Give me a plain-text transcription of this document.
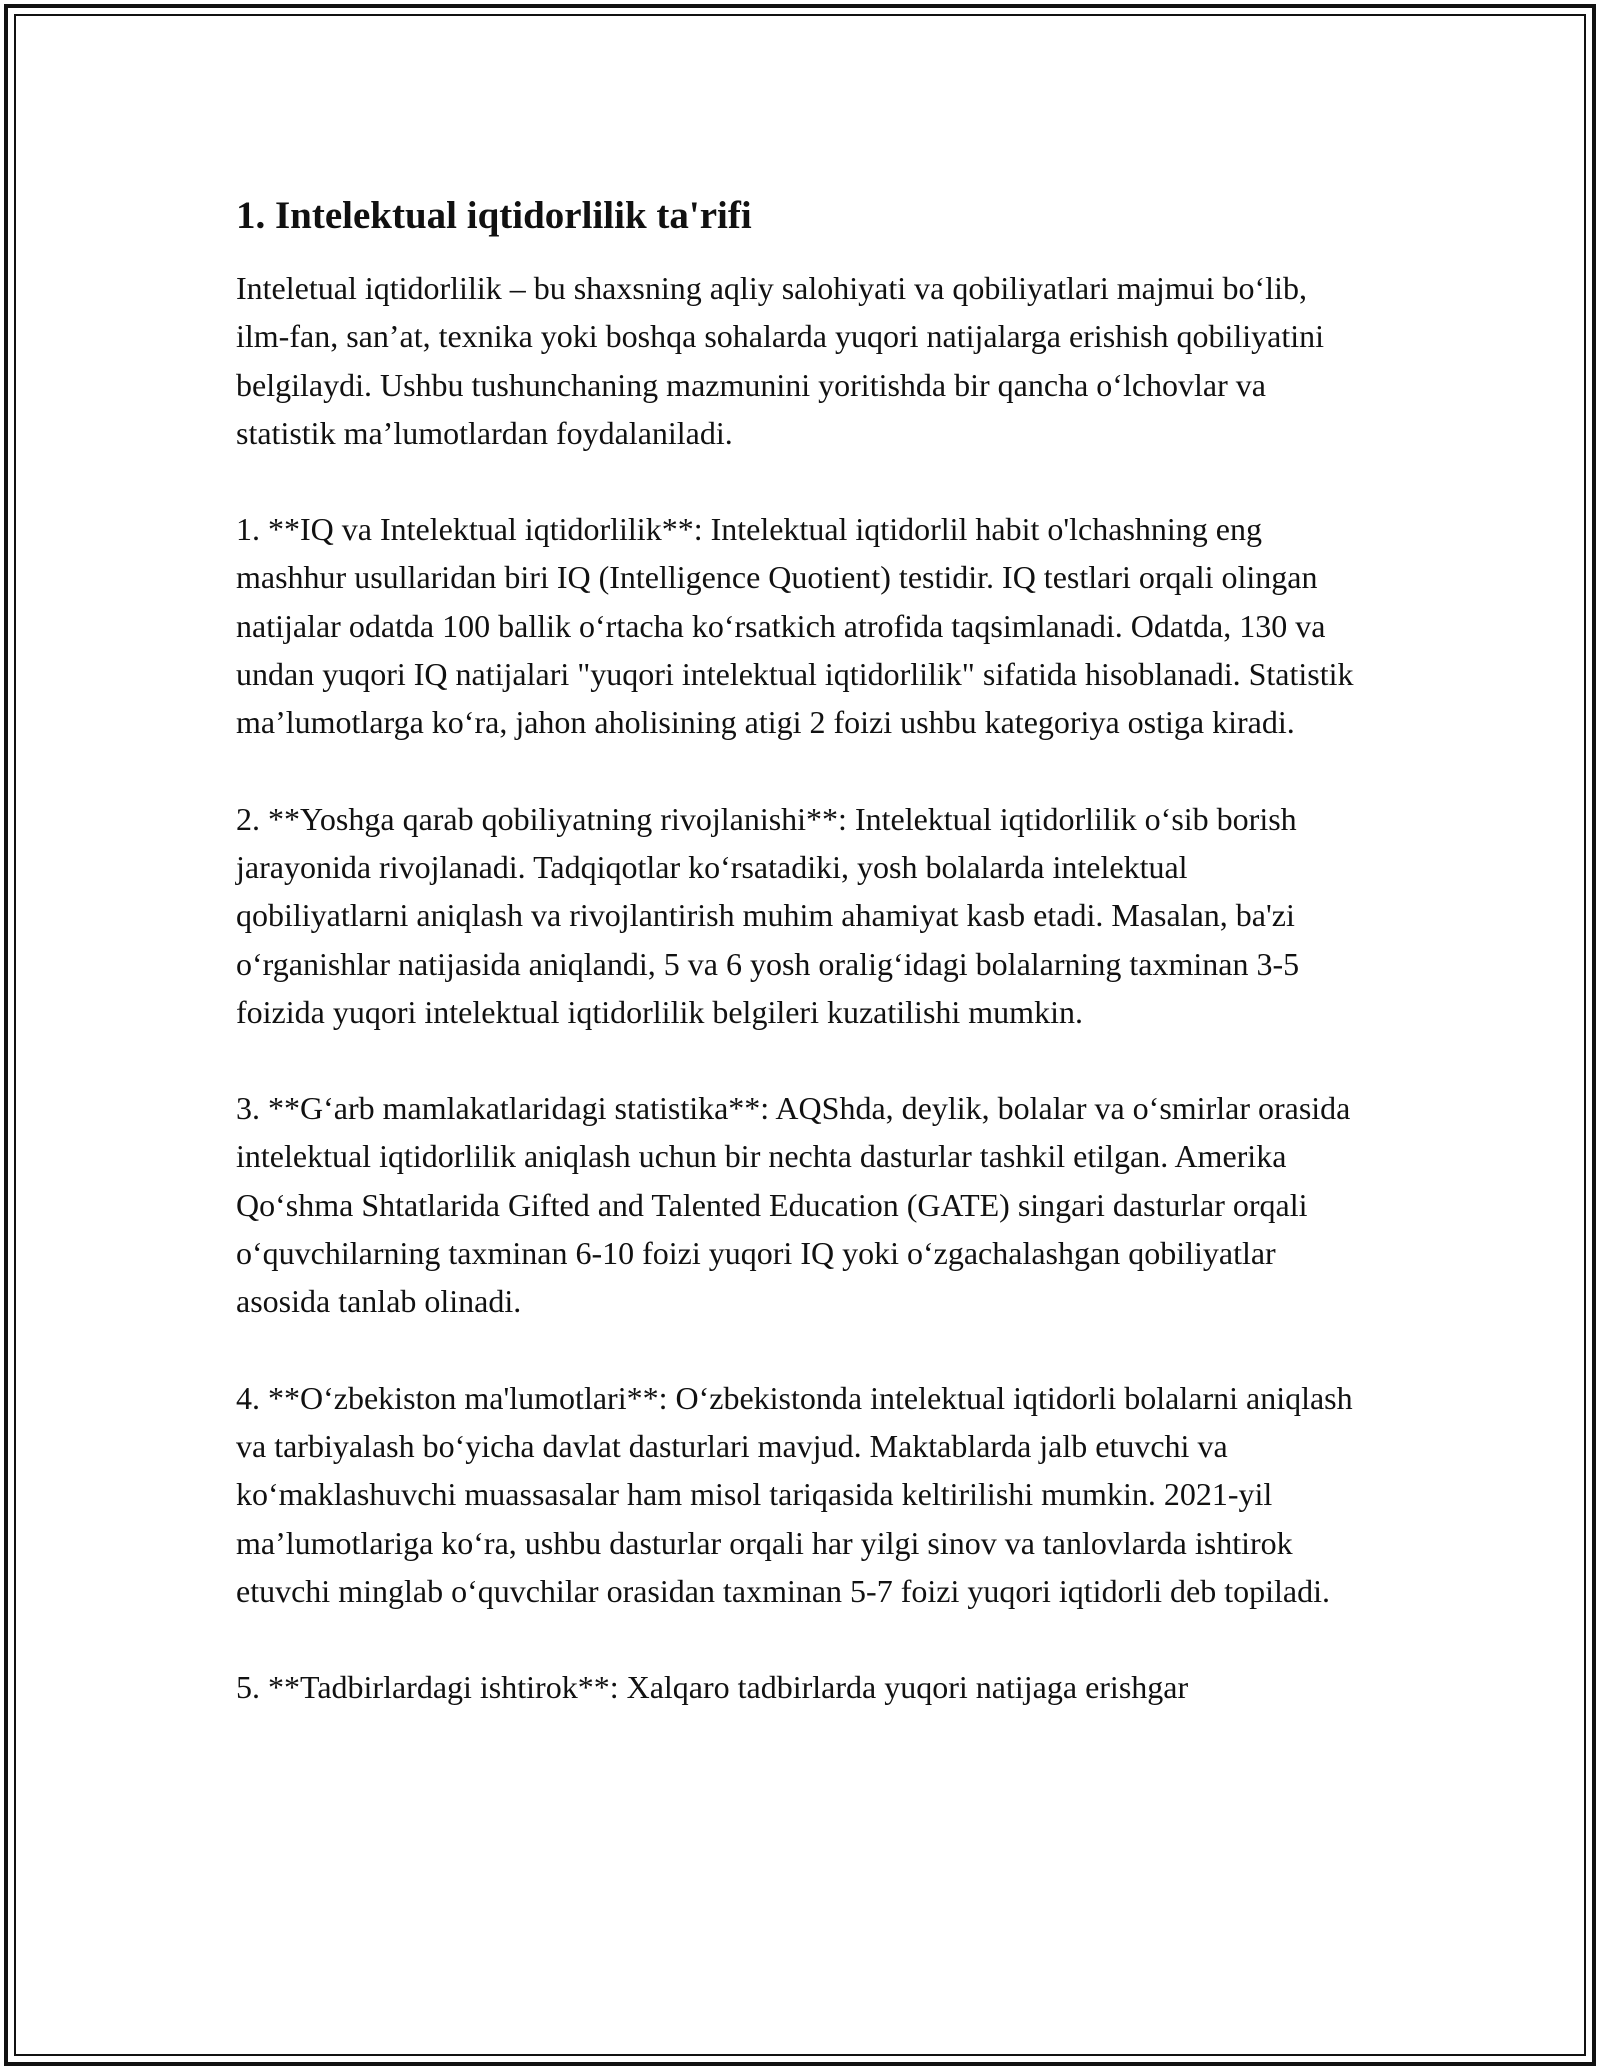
1. Intelektual iqtidorlilik ta'rifi

Inteletual iqtidorlilik – bu shaxsning aqliy salohiyati va qobiliyatlari majmui bo‘lib, ilm-fan, san’at, texnika yoki boshqa sohalarda yuqori natijalarga erishish qobiliyatini belgilaydi. Ushbu tushunchaning mazmunini yoritishda bir qancha o‘lchovlar va statistik ma’lumotlardan foydalaniladi.

1. **IQ va Intelektual iqtidorlilik**: Intelektual iqtidorlil habit o'lchashning eng mashhur usullaridan biri IQ (Intelligence Quotient) testidir. IQ testlari orqali olingan natijalar odatda 100 ballik o‘rtacha ko‘rsatkich atrofida taqsimlanadi. Odatda, 130 va undan yuqori IQ natijalari "yuqori intelektual iqtidorlilik" sifatida hisoblanadi. Statistik ma’lumotlarga ko‘ra, jahon aholisining atigi 2 foizi ushbu kategoriya ostiga kiradi.

2. **Yoshga qarab qobiliyatning rivojlanishi**: Intelektual iqtidorlilik o‘sib borish jarayonida rivojlanadi. Tadqiqotlar ko‘rsatadiki, yosh bolalarda intelektual qobiliyatlarni aniqlash va rivojlantirish muhim ahamiyat kasb etadi. Masalan, ba'zi o‘rganishlar natijasida aniqlandi, 5 va 6 yosh oralig‘idagi bolalarning taxminan 3-5 foizida yuqori intelektual iqtidorlilik belgileri kuzatilishi mumkin.

3. **G‘arb mamlakatlaridagi statistika**: AQShda, deylik, bolalar va o‘smirlar orasida intelektual iqtidorlilik aniqlash uchun bir nechta dasturlar tashkil etilgan. Amerika Qo‘shma Shtatlarida Gifted and Talented Education (GATE) singari dasturlar orqali o‘quvchilarning taxminan 6-10 foizi yuqori IQ yoki o‘zgachalashgan qobiliyatlar asosida tanlab olinadi.

4. **O‘zbekiston ma'lumotlari**: O‘zbekistonda intelektual iqtidorli bolalarni aniqlash va tarbiyalash bo‘yicha davlat dasturlari mavjud. Maktablarda jalb etuvchi va ko‘maklashuvchi muassasalar ham misol tariqasida keltirilishi mumkin. 2021-yil ma’lumotlariga ko‘ra, ushbu dasturlar orqali har yilgi sinov va tanlovlarda ishtirok etuvchi minglab o‘quvchilar orasidan taxminan 5-7 foizi yuqori iqtidorli deb topiladi.

5. **Tadbirlardagi ishtirok**: Xalqaro tadbirlarda yuqori natijaga erishgar
